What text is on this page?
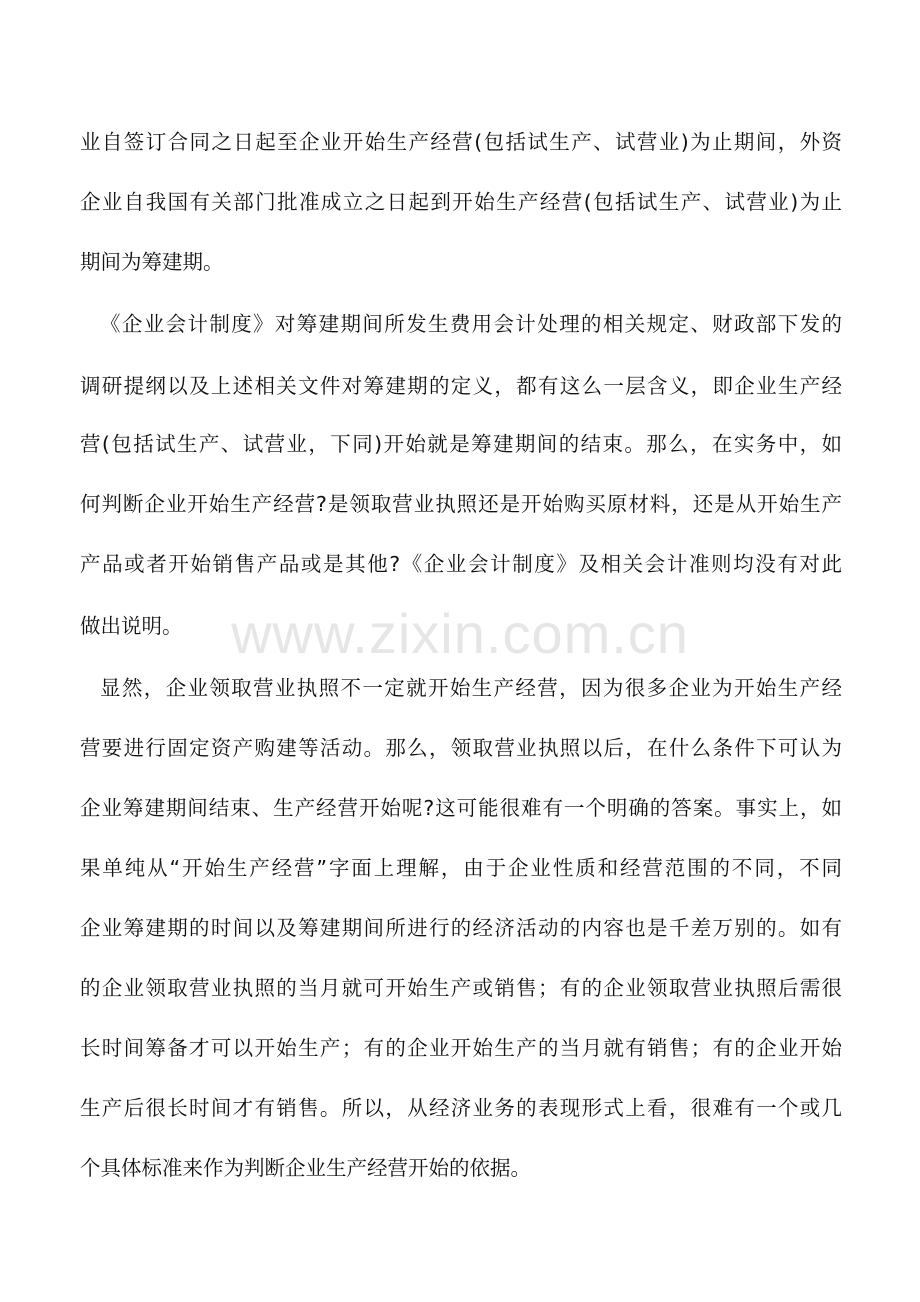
业自签订合同之日起至企业开始生产经营(包括试生产、试营业)为止期间，外资
企业自我国有关部门批准成立之日起到开始生产经营(包括试生产、试营业)为止
期间为筹建期。
《企业会计制度》对筹建期间所发生费用会计处理的相关规定、财政部下发的
调研提纲以及上述相关文件对筹建期的定义，都有这么一层含义，即企业生产经
营(包括试生产、试营业，下同)开始就是筹建期间的结束。那么，在实务中，如
何判断企业开始生产经营?是领取营业执照还是开始购买原材料，还是从开始生产
产品或者开始销售产品或是其他?《企业会计制度》及相关会计准则均没有对此
做出说明。 www.zixin.com.cn
显然，企业领取营业执照不一定就开始生产经营，因为很多企业为开始生产经
营要进行固定资产购建等活动。那么，领取营业执照以后，在什么条件下可认为
企业筹建期间结束、生产经营开始呢?这可能很难有一个明确的答案。事实上，如
果单纯从“开始生产经营”字面上理解，由于企业性质和经营范围的不同，不同
企业筹建期的时间以及筹建期间所进行的经济活动的内容也是千差万别的。如有
的企业领取营业执照的当月就可开始生产或销售；有的企业领取营业执照后需很
长时间筹备才可以开始生产；有的企业开始生产的当月就有销售；有的企业开始
生产后很长时间才有销售。所以，从经济业务的表现形式上看，很难有一个或几
个具体标准来作为判断企业生产经营开始的依据。
